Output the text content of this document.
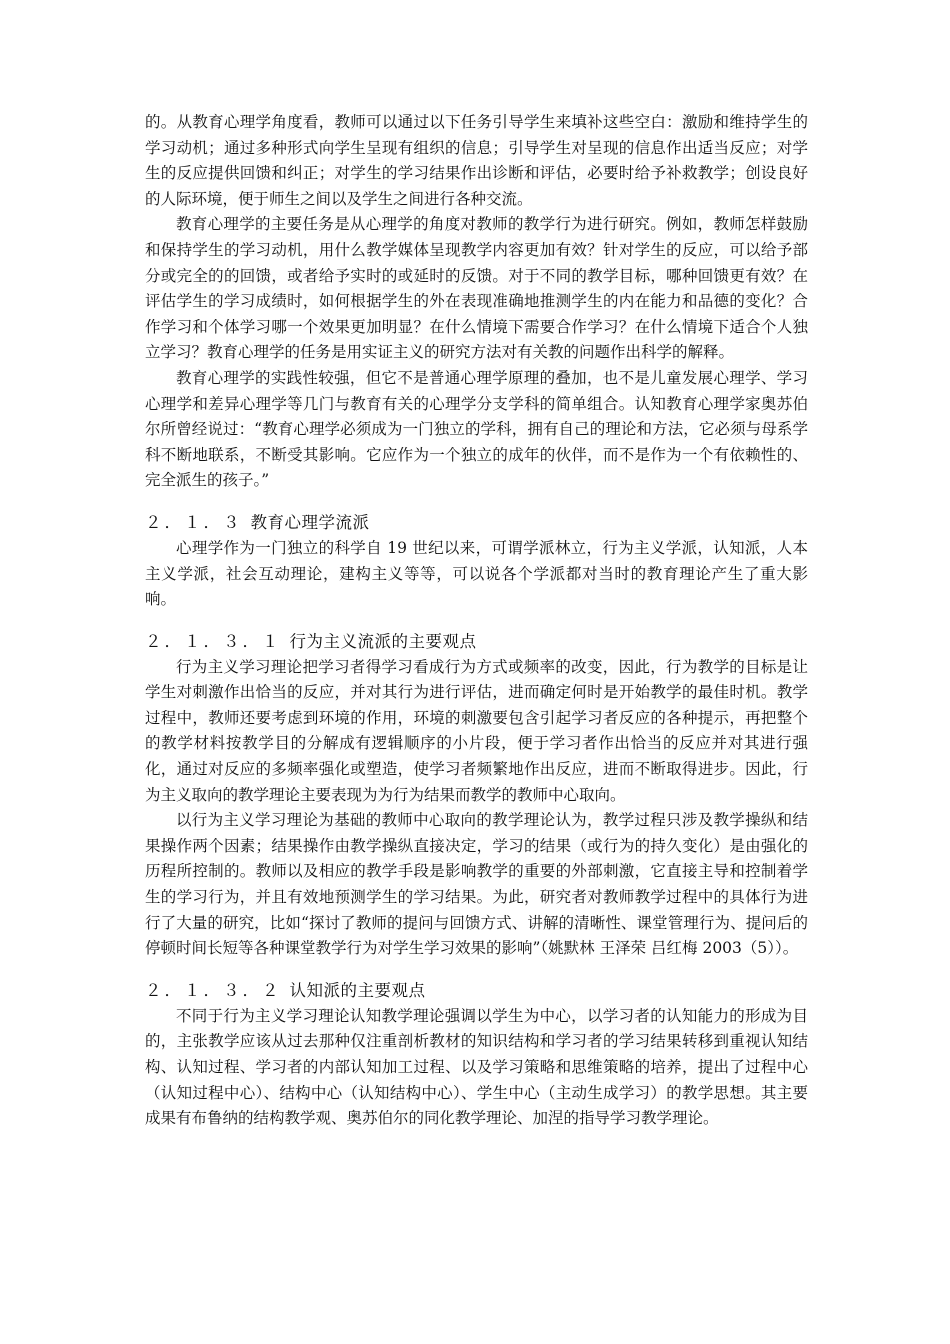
的。从教育心理学角度看，教师可以通过以下任务引导学生来填补这些空白：激励和维持学生的学习动机；通过多种形式向学生呈现有组织的信息；引导学生对呈现的信息作出适当反应；对学生的反应提供回馈和纠正；对学生的学习结果作出诊断和评估，必要时给予补救教学；创设良好的人际环境，便于师生之间以及学生之间进行各种交流。

教育心理学的主要任务是从心理学的角度对教师的教学行为进行研究。例如，教师怎样鼓励和保持学生的学习动机，用什么教学媒体呈现教学内容更加有效？针对学生的反应，可以给予部分或完全的的回馈，或者给予实时的或延时的反馈。对于不同的教学目标，哪种回馈更有效？在评估学生的学习成绩时，如何根据学生的外在表现准确地推测学生的内在能力和品德的变化？合作学习和个体学习哪一个效果更加明显？在什么情境下需要合作学习？在什么情境下适合个人独立学习？教育心理学的任务是用实证主义的研究方法对有关教的问题作出科学的解释。

教育心理学的实践性较强，但它不是普通心理学原理的叠加，也不是儿童发展心理学、学习心理学和差异心理学等几门与教育有关的心理学分支学科的简单组合。认知教育心理学家奥苏伯尔所曾经说过：“教育心理学必须成为一门独立的学科，拥有自己的理论和方法，它必须与母系学科不断地联系，不断受其影响。它应作为一个独立的成年的伙伴，而不是作为一个有依赖性的、完全派生的孩子。”

２．１．３ 教育心理学流派

心理学作为一门独立的科学自 19 世纪以来，可谓学派林立，行为主义学派，认知派，人本主义学派，社会互动理论，建构主义等等，可以说各个学派都对当时的教育理论产生了重大影响。

２．１．３．１ 行为主义流派的主要观点

行为主义学习理论把学习者得学习看成行为方式或频率的改变，因此，行为教学的目标是让学生对刺激作出恰当的反应，并对其行为进行评估，进而确定何时是开始教学的最佳时机。教学过程中，教师还要考虑到环境的作用，环境的刺激要包含引起学习者反应的各种提示，再把整个的教学材料按教学目的分解成有逻辑顺序的小片段，便于学习者作出恰当的反应并对其进行强化，通过对反应的多频率强化或塑造，使学习者频繁地作出反应，进而不断取得进步。因此，行为主义取向的教学理论主要表现为为行为结果而教学的教师中心取向。

以行为主义学习理论为基础的教师中心取向的教学理论认为，教学过程只涉及教学操纵和结果操作两个因素；结果操作由教学操纵直接决定，学习的结果（或行为的持久变化）是由强化的历程所控制的。教师以及相应的教学手段是影响教学的重要的外部刺激，它直接主导和控制着学生的学习行为，并且有效地预测学生的学习结果。为此，研究者对教师教学过程中的具体行为进行了大量的研究，比如“探讨了教师的提问与回馈方式、讲解的清晰性、课堂管理行为、提问后的停顿时间长短等各种课堂教学行为对学生学习效果的影响”（姚默林 王泽荣 吕红梅 2003（5））。

２．１．３．２ 认知派的主要观点

不同于行为主义学习理论认知教学理论强调以学生为中心，以学习者的认知能力的形成为目的，主张教学应该从过去那种仅注重剖析教材的知识结构和学习者的学习结果转移到重视认知结构、认知过程、学习者的内部认知加工过程、以及学习策略和思维策略的培养，提出了过程中心（认知过程中心）、结构中心（认知结构中心）、学生中心（主动生成学习）的教学思想。其主要成果有布鲁纳的结构教学观、奥苏伯尔的同化教学理论、加涅的指导学习教学理论。
